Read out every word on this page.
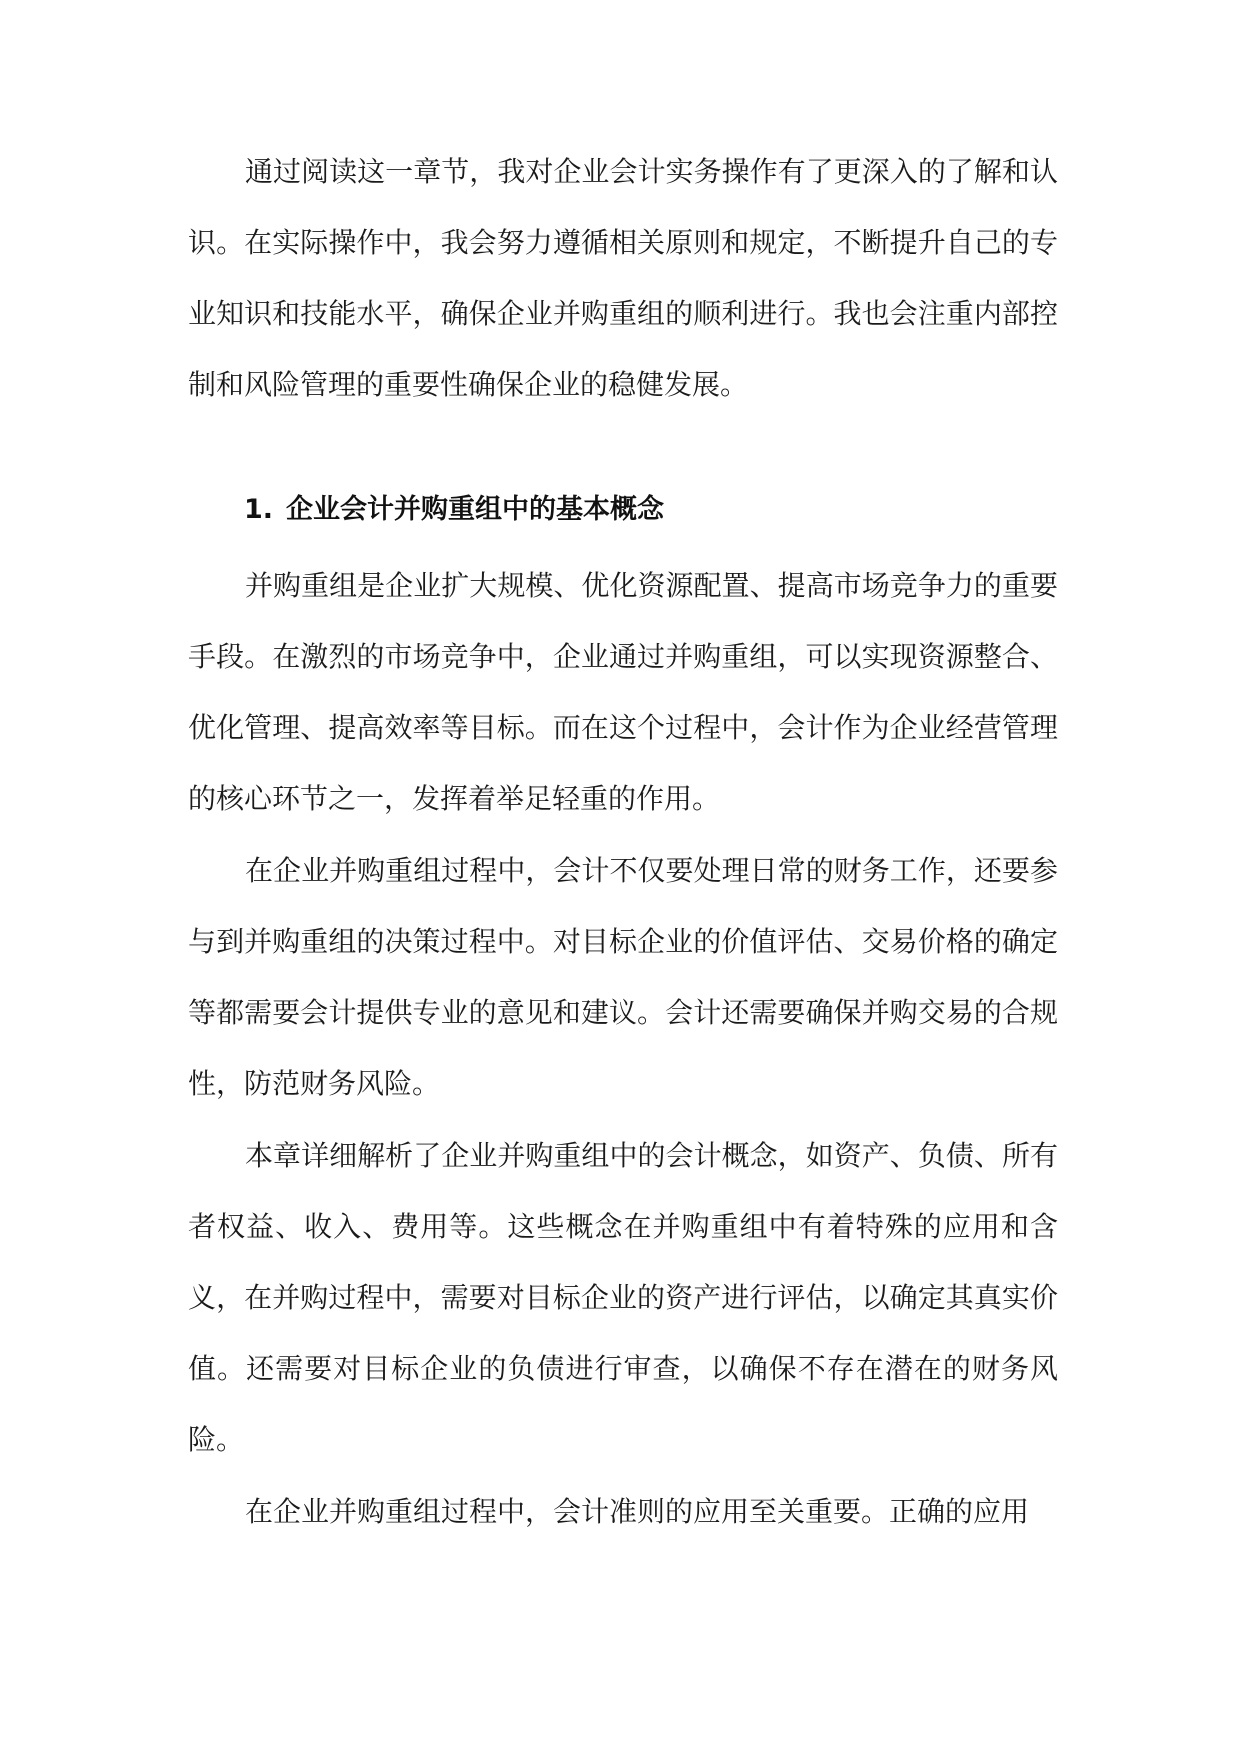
通过阅读这一章节，我对企业会计实务操作有了更深入的了解和认识。在实际操作中，我会努力遵循相关原则和规定，不断提升自己的专业知识和技能水平，确保企业并购重组的顺利进行。我也会注重内部控制和风险管理的重要性确保企业的稳健发展。

1. 企业会计并购重组中的基本概念

并购重组是企业扩大规模、优化资源配置、提高市场竞争力的重要手段。在激烈的市场竞争中，企业通过并购重组，可以实现资源整合、优化管理、提高效率等目标。而在这个过程中，会计作为企业经营管理的核心环节之一，发挥着举足轻重的作用。

在企业并购重组过程中，会计不仅要处理日常的财务工作，还要参与到并购重组的决策过程中。对目标企业的价值评估、交易价格的确定等都需要会计提供专业的意见和建议。会计还需要确保并购交易的合规性，防范财务风险。

本章详细解析了企业并购重组中的会计概念，如资产、负债、所有者权益、收入、费用等。这些概念在并购重组中有着特殊的应用和含义，在并购过程中，需要对目标企业的资产进行评估，以确定其真实价值。还需要对目标企业的负债进行审查，以确保不存在潜在的财务风险。

在企业并购重组过程中，会计准则的应用至关重要。正确的应用
